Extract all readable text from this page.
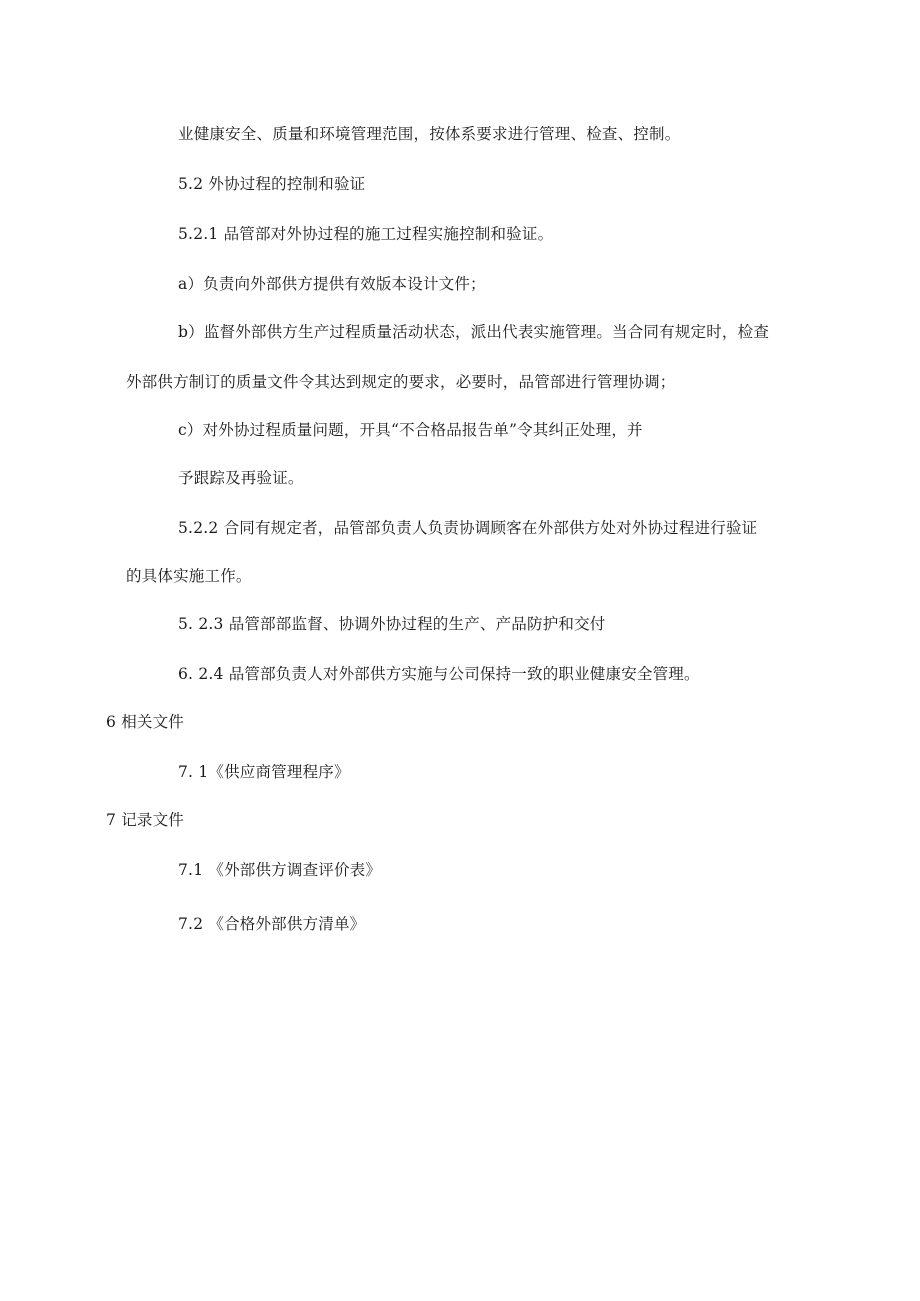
业健康安全、质量和环境管理范围，按体系要求进行管理、检查、控制。
5.2 外协过程的控制和验证
5.2.1 品管部对外协过程的施工过程实施控制和验证。
a）负责向外部供方提供有效版本设计文件；
b）监督外部供方生产过程质量活动状态，派出代表实施管理。当合同有规定时，检查
外部供方制订的质量文件令其达到规定的要求，必要时，品管部进行管理协调；
c）对外协过程质量问题，开具“不合格品报告单”令其纠正处理，并
予跟踪及再验证。
5.2.2 合同有规定者，品管部负责人负责协调顾客在外部供方处对外协过程进行验证
的具体实施工作。
5. 2.3 品管部部监督、协调外协过程的生产、产品防护和交付
6. 2.4 品管部负责人对外部供方实施与公司保持一致的职业健康安全管理。
6 相关文件
7. 1《供应商管理程序》
7 记录文件
7.1 《外部供方调查评价表》
7.2 《合格外部供方清单》
